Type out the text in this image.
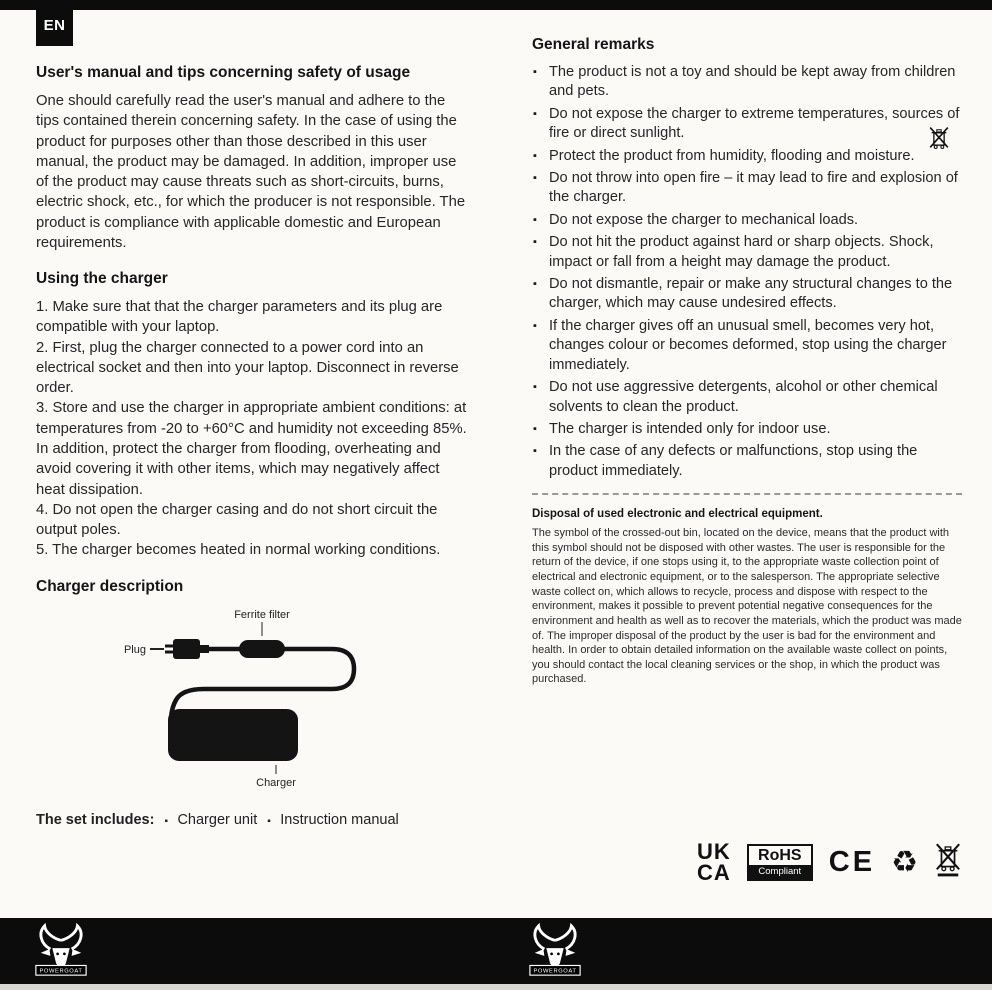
EN
User's manual and tips concerning safety of usage

One should carefully read the user's manual and adhere to the tips contained therein concerning safety. In the case of using the product for purposes other than those described in this user manual, the product may be damaged. In addition, improper use of the product may cause threats such as short-circuits, burns, electric shock, etc., for which the producer is not responsible. The product is compliance with applicable domestic and European requirements.

Using the charger

1. Make sure that that the charger parameters and its plug are compatible with your laptop.

2. First, plug the charger connected to a power cord into an electrical socket and then into your laptop. Disconnect in reverse order.

3. Store and use the charger in appropriate ambient conditions: at temperatures from -20 to +60°C and humidity not exceeding 85%. In addition, protect the charger from flooding, overheating and avoid covering it with other items, which may negatively affect heat dissipation.

4. Do not open the charger casing and do not short circuit the output poles.

5. The charger becomes heated in normal working conditions.

Charger description
Ferrite filter
Plug
Charger
The set includes:	▪ Charger unit	▪ Instruction manual
General remarks
▪ The product is not a toy and should be kept away from children and pets.
▪ Do not expose the charger to extreme temperatures, sources of fire or direct sunlight.
▪ Protect the product from humidity, flooding and moisture.
▪ Do not throw into open fire – it may lead to fire and explosion of the charger.
▪ Do not expose the charger to mechanical loads.
▪ Do not hit the product against hard or sharp objects. Shock, impact or fall from a height may damage the product.
▪ Do not dismantle, repair or make any structural changes to the charger, which may cause undesired effects.
▪ If the charger gives off an unusual smell, becomes very hot, changes colour or becomes deformed, stop using the charger immediately.
▪ Do not use aggressive detergents, alcohol or other chemical solvents to clean the product.
▪ The charger is intended only for indoor use.
▪ In the case of any defects or malfunctions, stop using the product immediately.
Disposal of used electronic and electrical equipment.

The symbol of the crossed-out bin, located on the device, means that the product with this symbol should not be disposed with other wastes. The user is responsible for the return of the device, if one stops using it, to the appropriate waste collection point of electrical and electronic equipment, or to the salesperson. The appropriate selective waste collect on, which allows to recycle, process and dispose with respect to the environment, makes it possible to prevent potential negative consequences for the environment and health as well as to recover the materials, which the product was made of. The improper disposal of the product by the user is bad for the environment and health. In order to obtain detailed information on the available waste collect on points, you should contact the local cleaning services or the shop, in which the product was purchased.

UK
CA
RoHS
Compliant CE ♻
POWERGOAT	POWERGOAT
